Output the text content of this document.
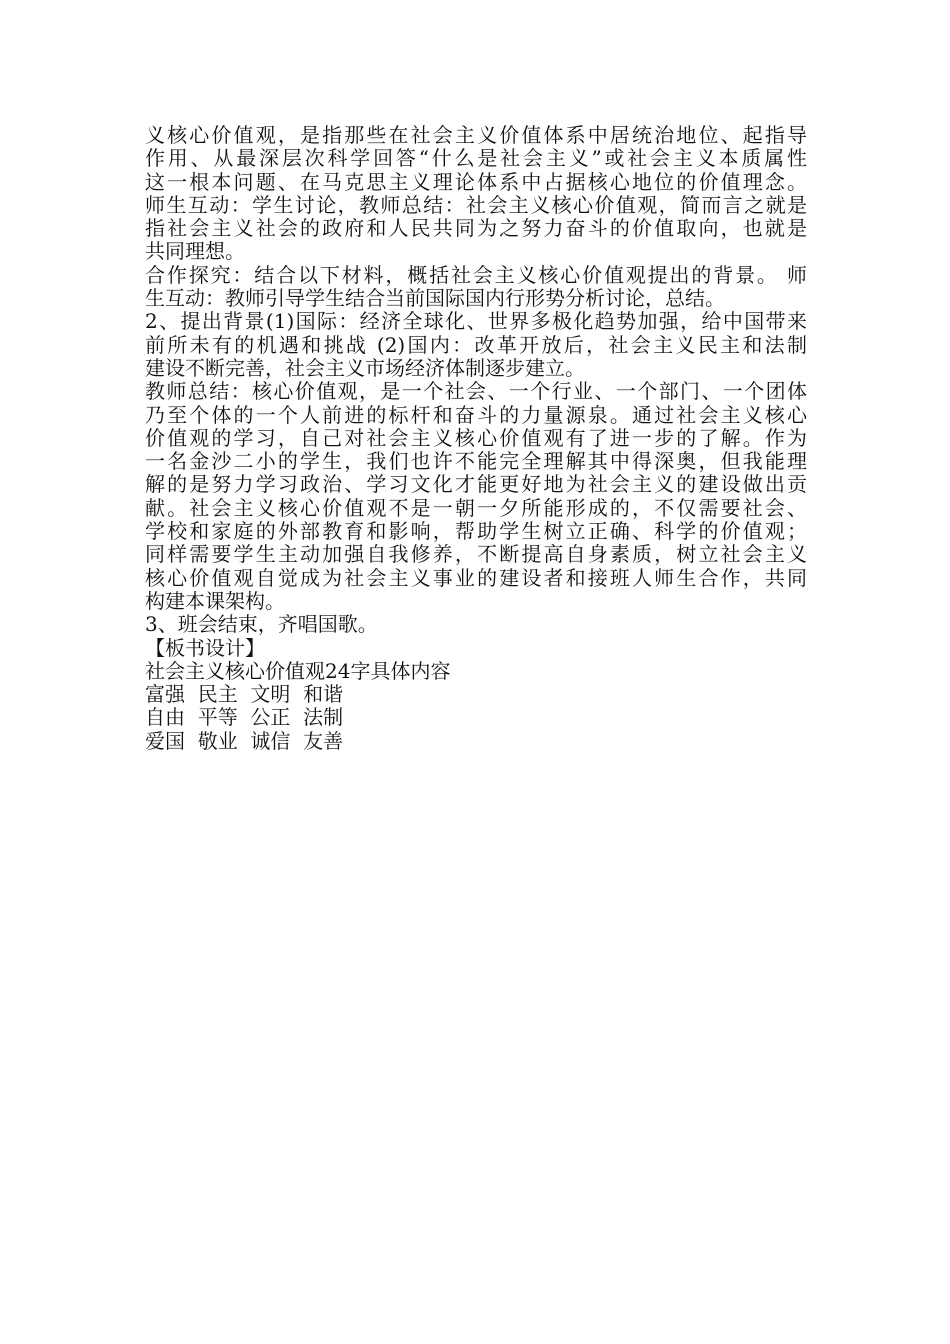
义核心价值观，是指那些在社会主义价值体系中居统治地位、起指导
作用、从最深层次科学回答“什么是社会主义”或社会主义本质属性
这一根本问题、在马克思主义理论体系中占据核心地位的价值理念。
师生互动：学生讨论，教师总结：社会主义核心价值观，简而言之就是
指社会主义社会的政府和人民共同为之努力奋斗的价值取向，也就是
共同理想。
合作探究：结合以下材料，概括社会主义核心价值观提出的背景。 师
生互动：教师引导学生结合当前国际国内行形势分析讨论，总结。
2、提出背景(1)国际：经济全球化、世界多极化趋势加强，给中国带来
前所未有的机遇和挑战 (2)国内：改革开放后，社会主义民主和法制
建设不断完善，社会主义市场经济体制逐步建立。
教师总结：核心价值观，是一个社会、一个行业、一个部门、一个团体
乃至个体的一个人前进的标杆和奋斗的力量源泉。通过社会主义核心
价值观的学习，自己对社会主义核心价值观有了进一步的了解。作为
一名金沙二小的学生，我们也许不能完全理解其中得深奥，但我能理
解的是努力学习政治、学习文化才能更好地为社会主义的建设做出贡
献。社会主义核心价值观不是一朝一夕所能形成的，不仅需要社会、
学校和家庭的外部教育和影响，帮助学生树立正确、科学的价值观；
同样需要学生主动加强自我修养，不断提高自身素质，树立社会主义
核心价值观自觉成为社会主义事业的建设者和接班人师生合作，共同
构建本课架构。
3、班会结束，齐唱国歌。
【板书设计】
社会主义核心价值观24字具体内容
富强  民主  文明  和谐
自由  平等  公正  法制
爱国  敬业  诚信  友善
